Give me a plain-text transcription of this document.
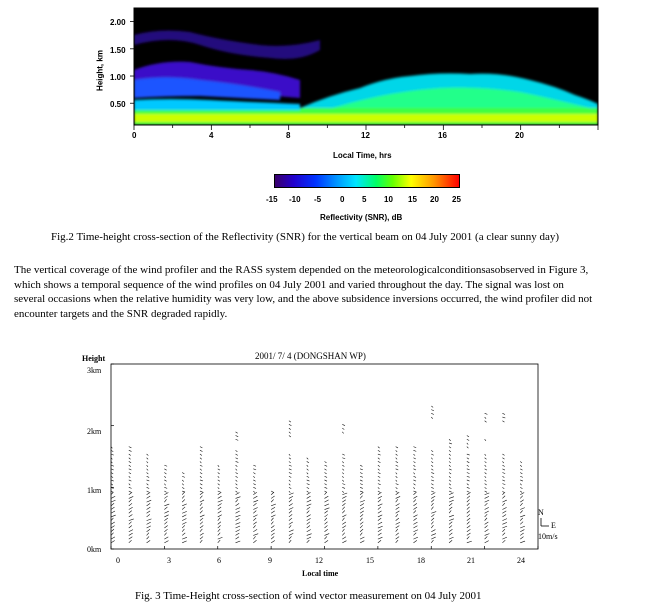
Height, km
2.00
1.50
1.00
0.50
0	4	8	12	16	20
Local Time, hrs
-15 -10 -5 0 5 10 15 20 25
Reflectivity (SNR), dB
Fig.2 Time-height cross-section of the Reflectivity (SNR) for the vertical beam on 04 July 2001 (a clear sunny day)
The vertical coverage of the wind profiler and the RASS system depended on the meteorologicalconditionsasobserved in Figure 3,
which shows a temporal sequence of the wind profiles on 04 July 2001 and varied throughout the day. The signal was lost on
several occasions when the relative humidity was very low, and the above subsidence inversions occurred, the wind profiler did not
encounter targets and the SNR degraded rapidly.
2001/ 7/ 4 (DONGSHAN WP)
Height
3km
2km
1km
0km
0	3	6	9	12	15	18	21	24
Local time
N
E
10m/s
Fig. 3 Time-Height cross-section of wind vector measurement on 04 July 2001
